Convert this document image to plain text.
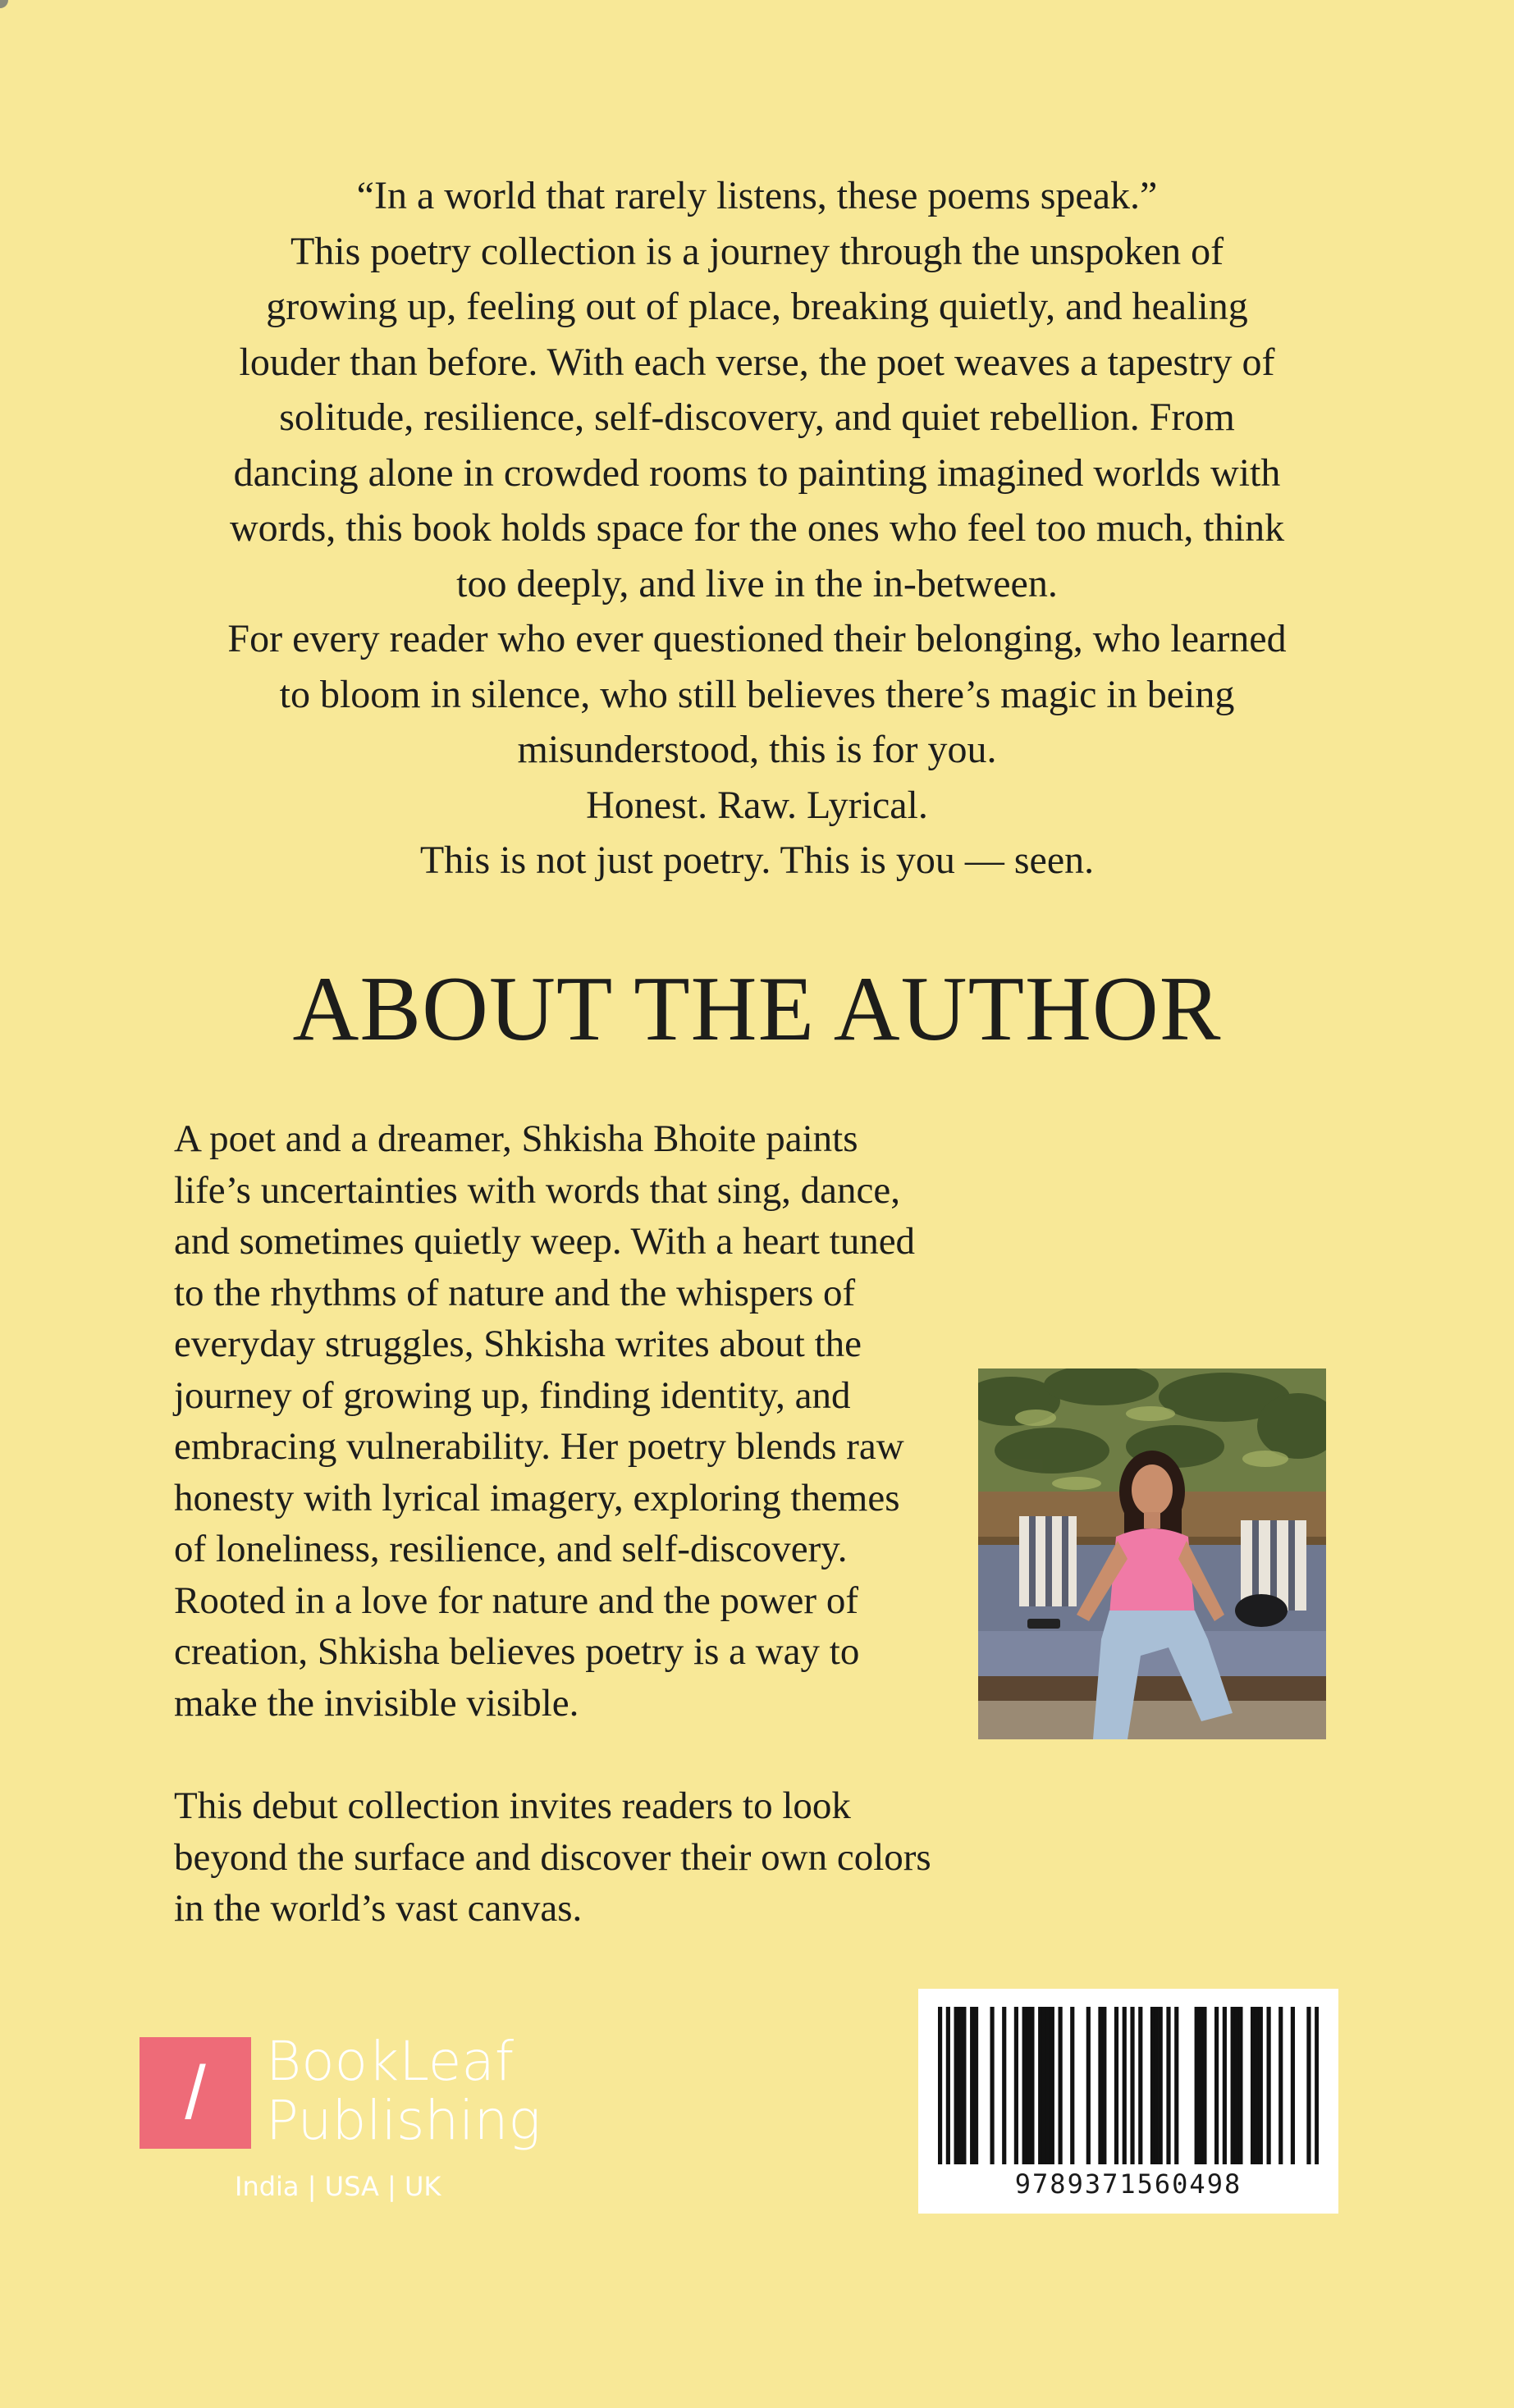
“In a world that rarely listens, these poems speak.”
This poetry collection is a journey through the unspoken of
growing up, feeling out of place, breaking quietly, and healing
louder than before. With each verse, the poet weaves a tapestry of
solitude, resilience, self-discovery, and quiet rebellion. From
dancing alone in crowded rooms to painting imagined worlds with
words, this book holds space for the ones who feel too much, think
too deeply, and live in the in-between.
For every reader who ever questioned their belonging, who learned
to bloom in silence, who still believes there’s magic in being
misunderstood, this is for you.
Honest. Raw. Lyrical.
This is not just poetry. This is you — seen.
ABOUT THE AUTHOR
A poet and a dreamer, Shkisha Bhoite paints
life’s uncertainties with words that sing, dance,
and sometimes quietly weep. With a heart tuned
to the rhythms of nature and the whispers of
everyday struggles, Shkisha writes about the
journey of growing up, finding identity, and
embracing vulnerability. Her poetry blends raw
honesty with lyrical imagery, exploring themes
of loneliness, resilience, and self-discovery.
Rooted in a love for nature and the power of
creation, Shkisha believes poetry is a way to
make the invisible visible.
This debut collection invites readers to look
beyond the surface and discover their own colors
in the world’s vast canvas.
/	BookLeaf
Publishing
India | USA | UK	9789371560498
